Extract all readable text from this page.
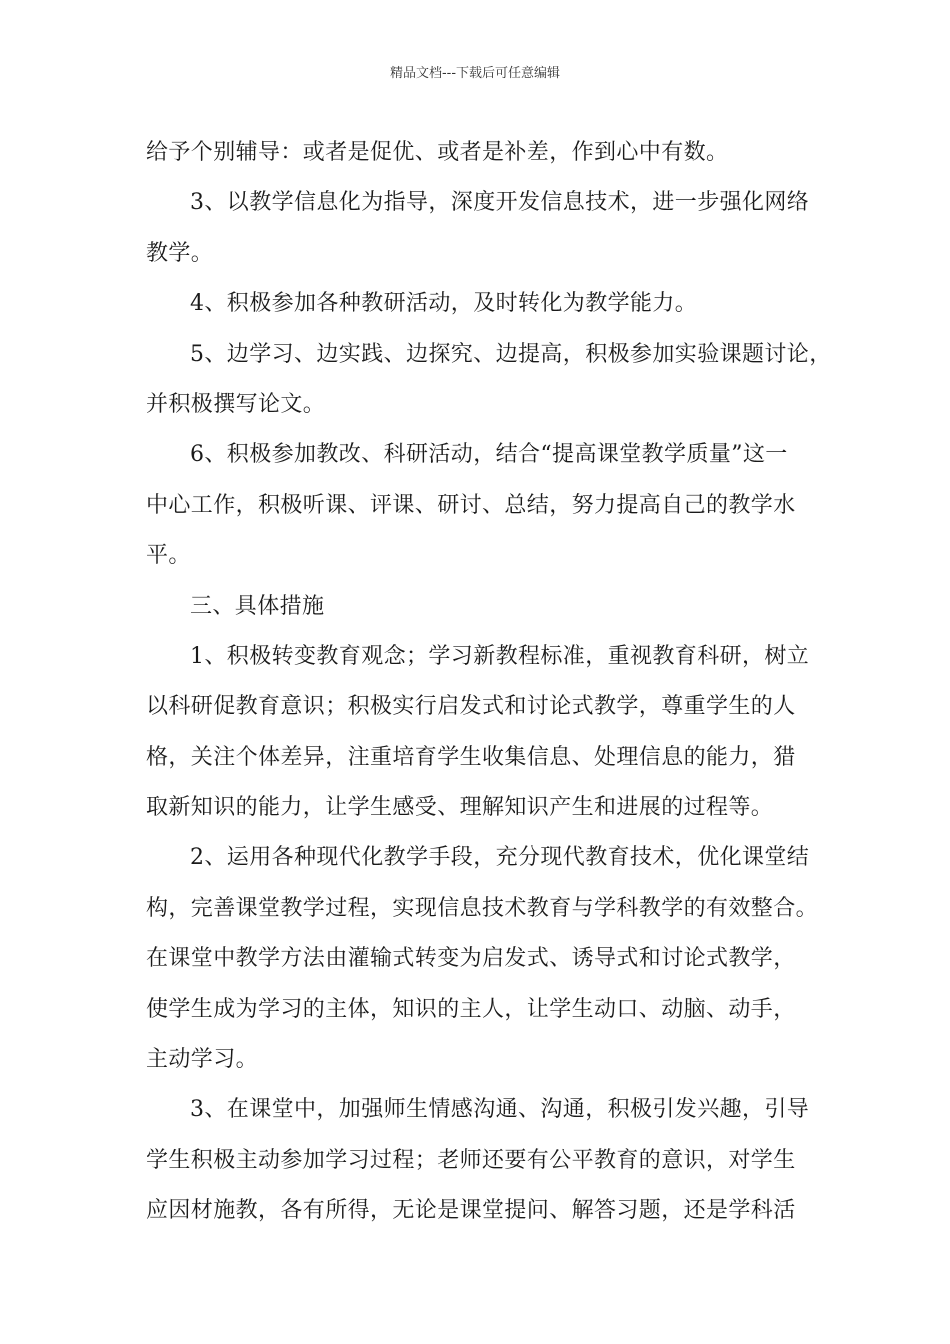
精品文档---下载后可任意编辑
给予个别辅导：或者是促优、或者是补差，作到心中有数。
3、以教学信息化为指导，深度开发信息技术，进一步强化网络
教学。
4、积极参加各种教研活动，及时转化为教学能力。
5、边学习、边实践、边探究、边提高，积极参加实验课题讨论，
并积极撰写论文。
6、积极参加教改、科研活动，结合“提高课堂教学质量”这一
中心工作，积极听课、评课、研讨、总结，努力提高自己的教学水
平。
三、具体措施
1、积极转变教育观念；学习新教程标准，重视教育科研，树立
以科研促教育意识；积极实行启发式和讨论式教学，尊重学生的人
格，关注个体差异，注重培育学生收集信息、处理信息的能力，猎
取新知识的能力，让学生感受、理解知识产生和进展的过程等。
2、运用各种现代化教学手段，充分现代教育技术，优化课堂结
构，完善课堂教学过程，实现信息技术教育与学科教学的有效整合。
在课堂中教学方法由灌输式转变为启发式、诱导式和讨论式教学，
使学生成为学习的主体，知识的主人，让学生动口、动脑、动手，
主动学习。
3、在课堂中，加强师生情感沟通、沟通，积极引发兴趣，引导
学生积极主动参加学习过程；老师还要有公平教育的意识，对学生
应因材施教，各有所得，无论是课堂提问、解答习题，还是学科活
